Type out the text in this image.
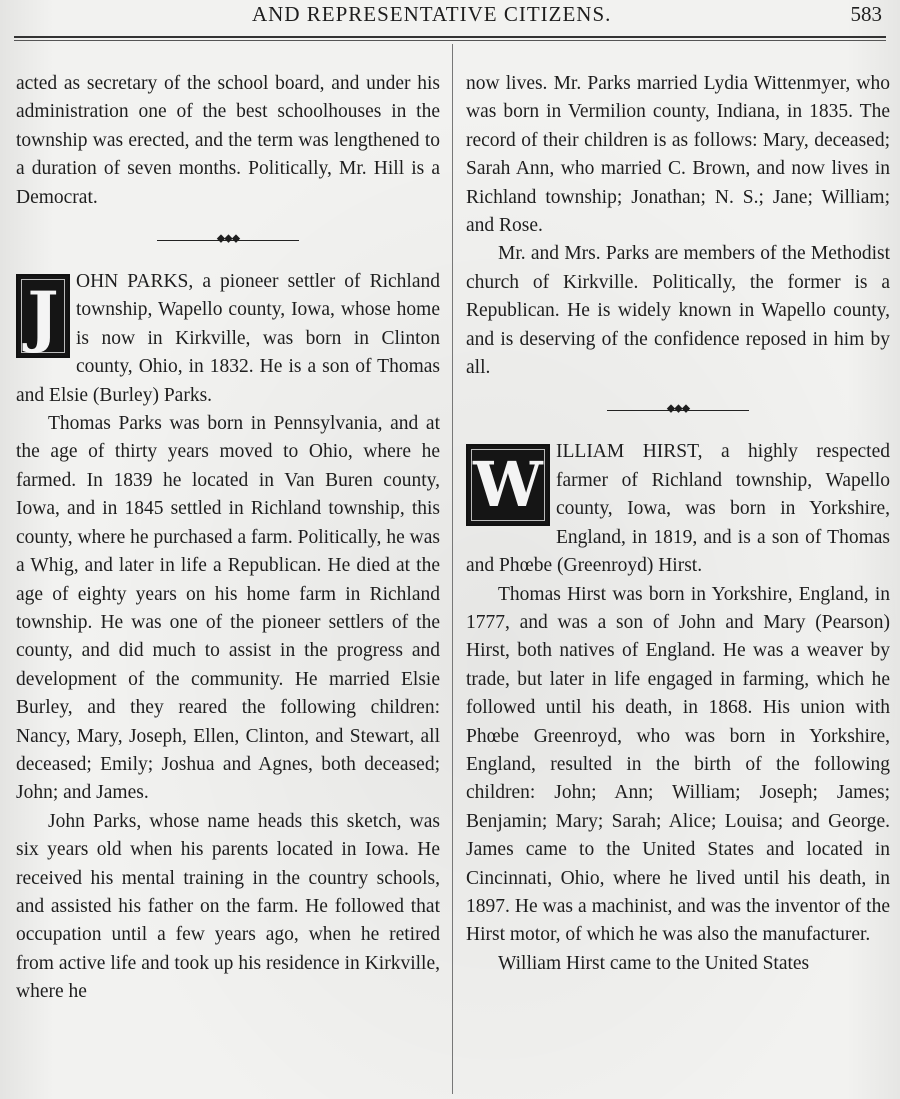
AND REPRESENTATIVE CITIZENS.	583

acted as secretary of the school board, and under his administration one of the best schoolhouses in the township was erected, and the term was lengthened to a duration of seven months. Politically, Mr. Hill is a Democrat.

◆◆◆

J OHN PARKS, a pioneer settler of Richland township, Wapello county, Iowa, whose home is now in Kirkville, was born in Clinton county, Ohio, in 1832. He is a son of Thomas and Elsie (Burley) Parks.

Thomas Parks was born in Pennsylvania, and at the age of thirty years moved to Ohio, where he farmed. In 1839 he located in Van Buren county, Iowa, and in 1845 settled in Richland township, this county, where he purchased a farm. Politically, he was a Whig, and later in life a Republican. He died at the age of eighty years on his home farm in Richland township. He was one of the pioneer settlers of the county, and did much to assist in the progress and development of the community. He married Elsie Burley, and they reared the following children: Nancy, Mary, Joseph, Ellen, Clinton, and Stewart, all deceased; Emily; Joshua and Agnes, both deceased; John; and James.

John Parks, whose name heads this sketch, was six years old when his parents located in Iowa. He received his mental training in the country schools, and assisted his father on the farm. He followed that occupation until a few years ago, when he retired from active life and took up his residence in Kirkville, where he

now lives. Mr. Parks married Lydia Wittenmyer, who was born in Vermilion county, Indiana, in 1835. The record of their children is as follows: Mary, deceased; Sarah Ann, who married C. Brown, and now lives in Richland township; Jonathan; N. S.; Jane; William; and Rose.

Mr. and Mrs. Parks are members of the Methodist church of Kirkville. Politically, the former is a Republican. He is widely known in Wapello county, and is deserving of the confidence reposed in him by all.

◆◆◆

W ILLIAM HIRST, a highly respected farmer of Richland township, Wapello county, Iowa, was born in Yorkshire, England, in 1819, and is a son of Thomas and Phœbe (Greenroyd) Hirst.

Thomas Hirst was born in Yorkshire, England, in 1777, and was a son of John and Mary (Pearson) Hirst, both natives of England. He was a weaver by trade, but later in life engaged in farming, which he followed until his death, in 1868. His union with Phœbe Greenroyd, who was born in Yorkshire, England, resulted in the birth of the following children: John; Ann; William; Joseph; James; Benjamin; Mary; Sarah; Alice; Louisa; and George. James came to the United States and located in Cincinnati, Ohio, where he lived until his death, in 1897. He was a machinist, and was the inventor of the Hirst motor, of which he was also the manufacturer.

William Hirst came to the United States
